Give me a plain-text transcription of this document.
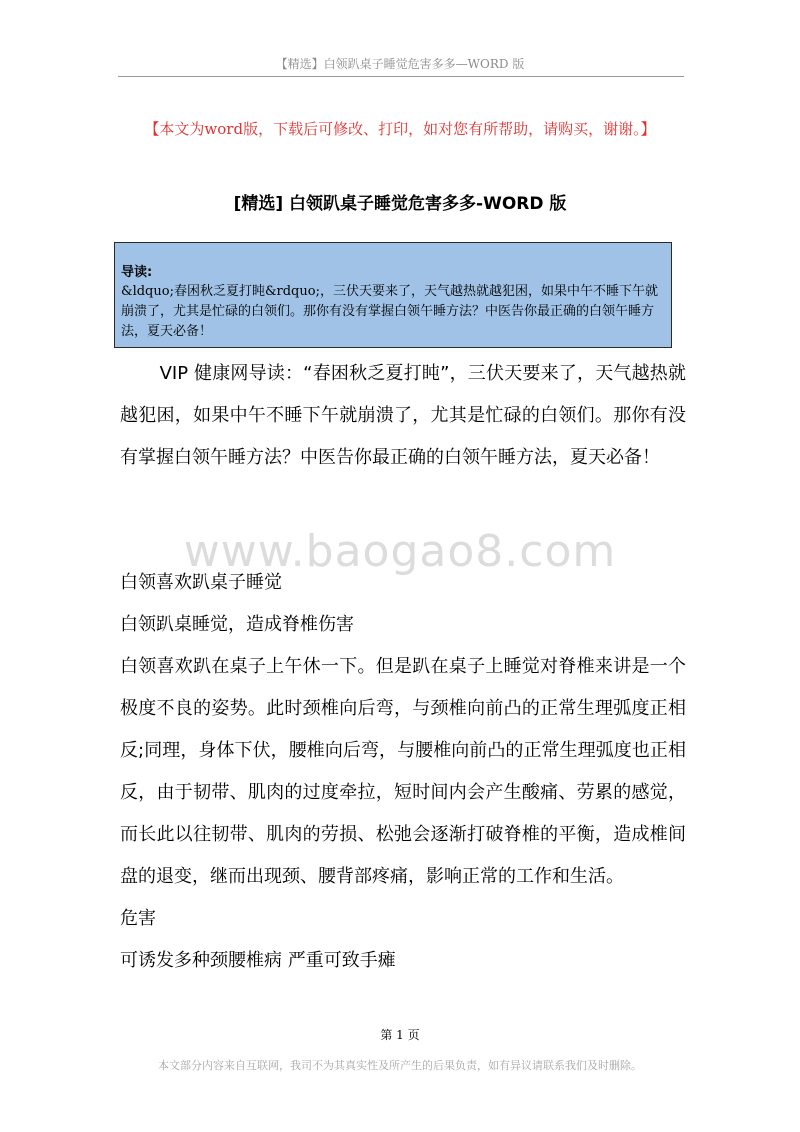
【精选】白领趴桌子睡觉危害多多—WORD 版
【本文为word版，下载后可修改、打印，如对您有所帮助，请购买，谢谢。】
[精选] 白领趴桌子睡觉危害多多-WORD 版
导读:
&ldquo;春困秋乏夏打盹&rdquo;，三伏天要来了，天气越热就越犯困，如果中午不睡下午就崩溃了，尤其是忙碌的白领们。那你有没有掌握白领午睡方法？中医告你最正确的白领午睡方法，夏天必备！
VIP 健康网导读：“春困秋乏夏打盹”，三伏天要来了，天气越热就越犯困，如果中午不睡下午就崩溃了，尤其是忙碌的白领们。那你有没有掌握白领午睡方法？中医告你最正确的白领午睡方法，夏天必备！
www.baogao8.com

白领喜欢趴桌子睡觉

白领趴桌睡觉，造成脊椎伤害

白领喜欢趴在桌子上午休一下。但是趴在桌子上睡觉对脊椎来讲是一个极度不良的姿势。此时颈椎向后弯，与颈椎向前凸的正常生理弧度正相反;同理，身体下伏，腰椎向后弯，与腰椎向前凸的正常生理弧度也正相反，由于韧带、肌肉的过度牵拉，短时间内会产生酸痛、劳累的感觉，而长此以往韧带、肌肉的劳损、松弛会逐渐打破脊椎的平衡，造成椎间盘的退变，继而出现颈、腰背部疼痛，影响正常的工作和生活。

危害

可诱发多种颈腰椎病 严重可致手瘫

第 1 页
本文部分内容来自互联网，我司不为其真实性及所产生的后果负责，如有异议请联系我们及时删除。
